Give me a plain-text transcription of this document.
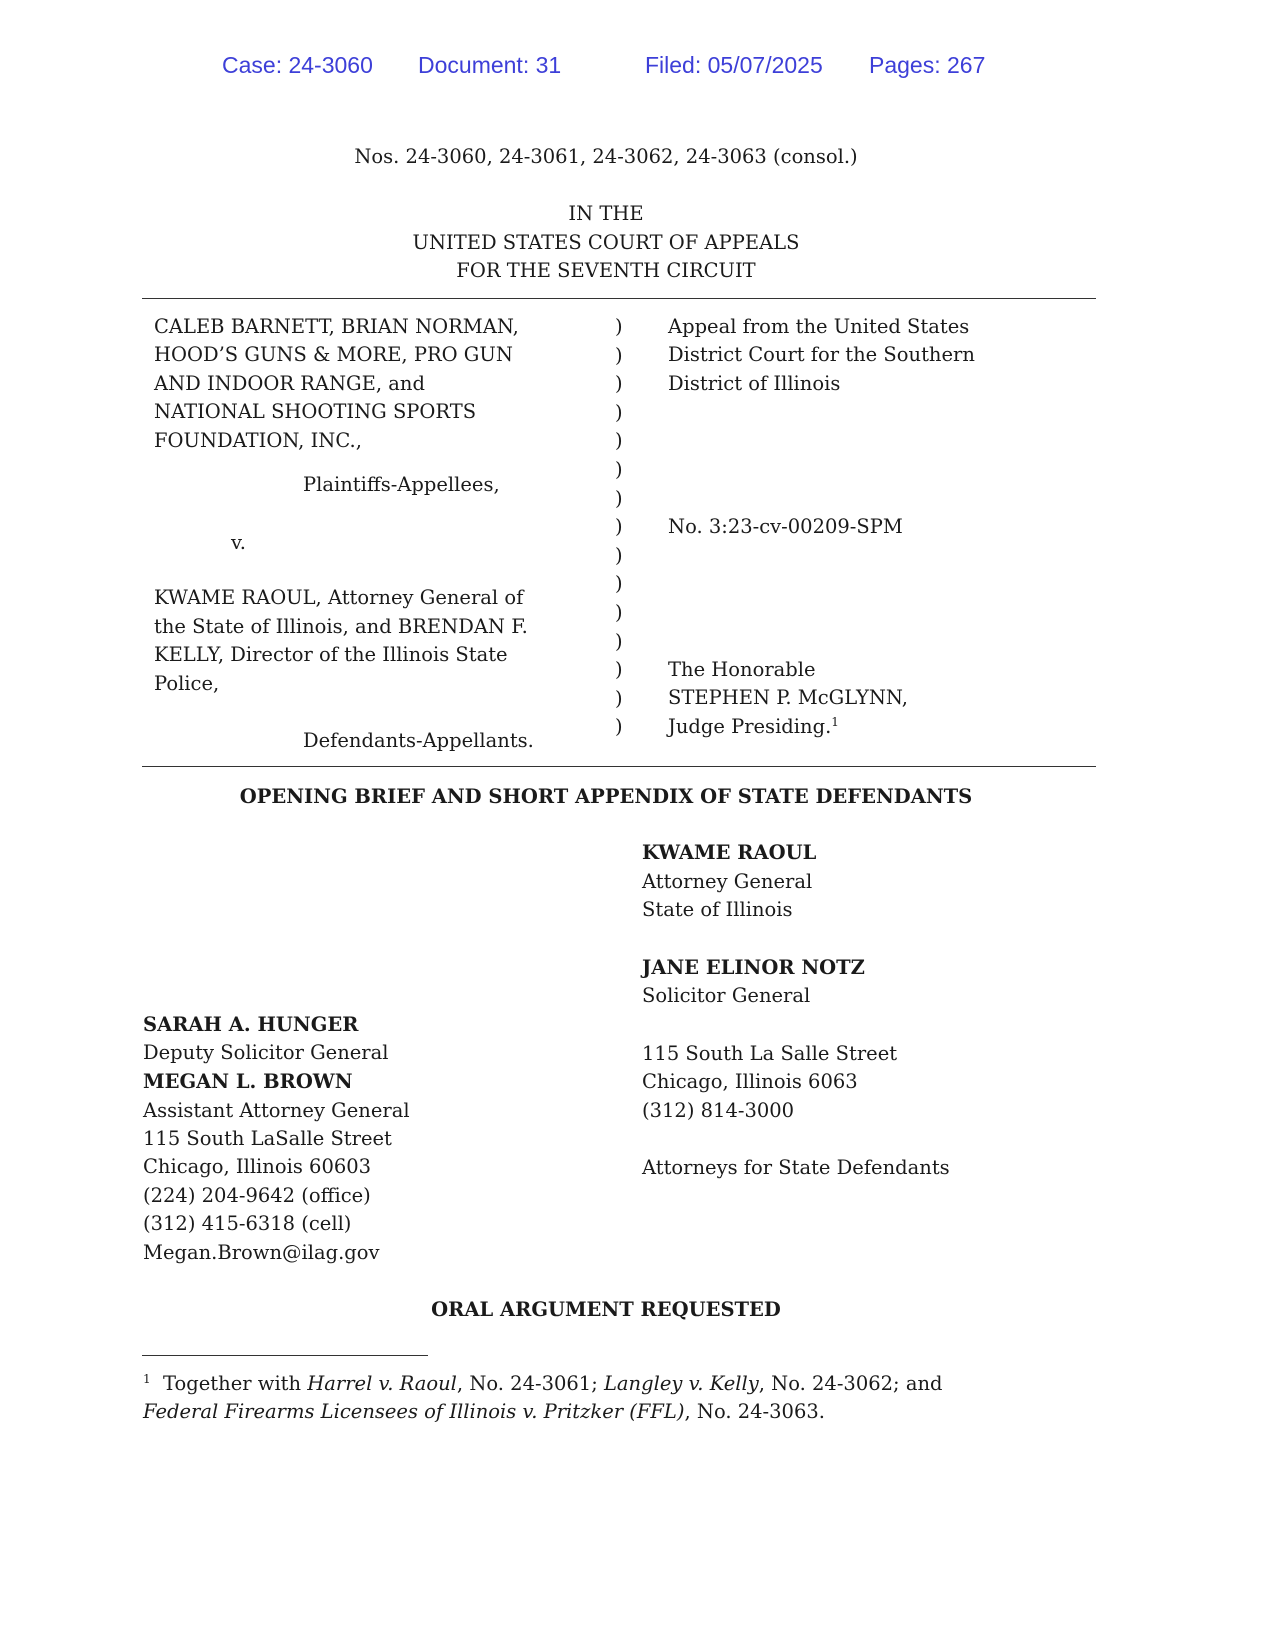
Case: 24-3060 Document: 31	Filed: 05/07/2025 Pages: 267
Nos. 24-3060, 24-3061, 24-3062, 24-3063 (consol.)
IN THE
UNITED STATES COURT OF APPEALS
FOR THE SEVENTH CIRCUIT
CALEB BARNETT, BRIAN NORMAN,
HOOD’S GUNS & MORE, PRO GUN
AND INDOOR RANGE, and
NATIONAL SHOOTING SPORTS
FOUNDATION, INC.,
Plaintiffs-Appellees,
v.
KWAME RAOUL, Attorney General of
the State of Illinois, and BRENDAN F.
KELLY, Director of the Illinois State
Police,
Defendants-Appellants.
)
)
)
)
)
)
)
)
)
)
)
)
)
)
)
Appeal from the United States
District Court for the Southern
District of Illinois
No. 3:23-cv-00209-SPM
The Honorable
STEPHEN P. McGLYNN,
Judge Presiding.$^1$
OPENING BRIEF AND SHORT APPENDIX OF STATE DEFENDANTS
KWAME RAOUL
Attorney General
State of Illinois
JANE ELINOR NOTZ
Solicitor General
115 South La Salle Street
Chicago, Illinois 6063
(312) 814-3000
Attorneys for State Defendants
SARAH A. HUNGER
Deputy Solicitor General
MEGAN L. BROWN
Assistant Attorney General
115 South LaSalle Street
Chicago, Illinois 60603
(224) 204-9642 (office)
(312) 415-6318 (cell)
Megan.Brown@ilag.gov
ORAL ARGUMENT REQUESTED
$^1$ Together with Harrel v. Raoul, No. 24-3061; Langley v. Kelly, No. 24-3062; and
Federal Firearms Licensees of Illinois v. Pritzker (FFL), No. 24-3063.
